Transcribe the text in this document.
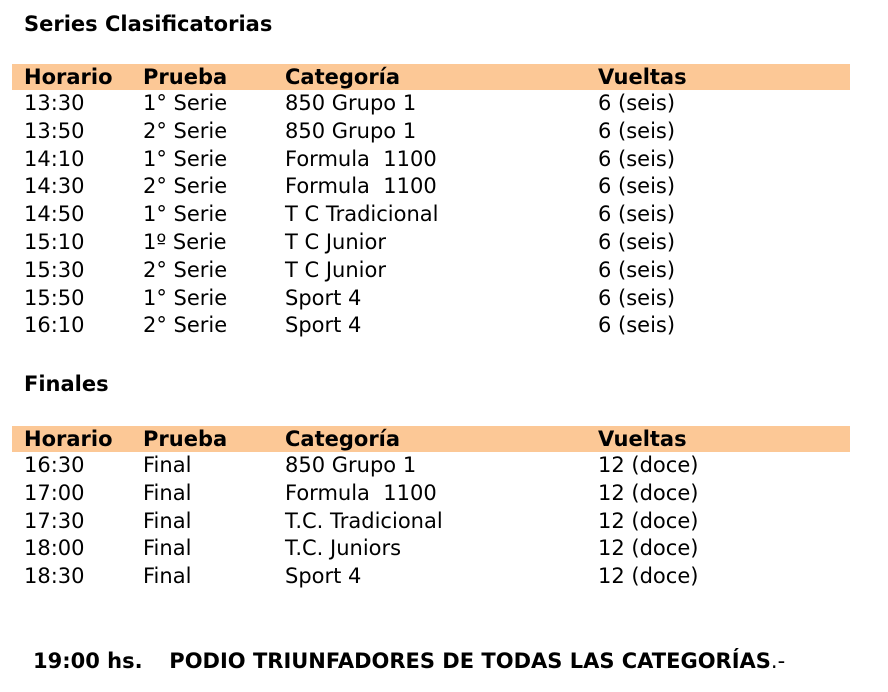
Series Clasificatorias
Horario Prueba	Categoría	Vueltas
13:30	1° Serie	850 Grupo 1	6 (seis)
13:50	2° Serie	850 Grupo 1	6 (seis)
14:10	1° Serie	Formula  1100	6 (seis)
14:30	2° Serie	Formula  1100	6 (seis)
14:50	1° Serie	T C Tradicional	6 (seis)
15:10	1º Serie	T C Junior	6 (seis)
15:30	2° Serie	T C Junior	6 (seis)
15:50	1° Serie	Sport 4	6 (seis)
16:10	2° Serie	Sport 4	6 (seis)
Finales
Horario Prueba	Categoría	Vueltas
16:30	Final	850 Grupo 1	12 (doce)
17:00	Final	Formula  1100	12 (doce)
17:30	Final	T.C. Tradicional	12 (doce)
18:00	Final	T.C. Juniors	12 (doce)
18:30	Final	Sport 4	12 (doce)
19:00 hs. PODIO TRIUNFADORES DE TODAS LAS CATEGORÍAS.-
